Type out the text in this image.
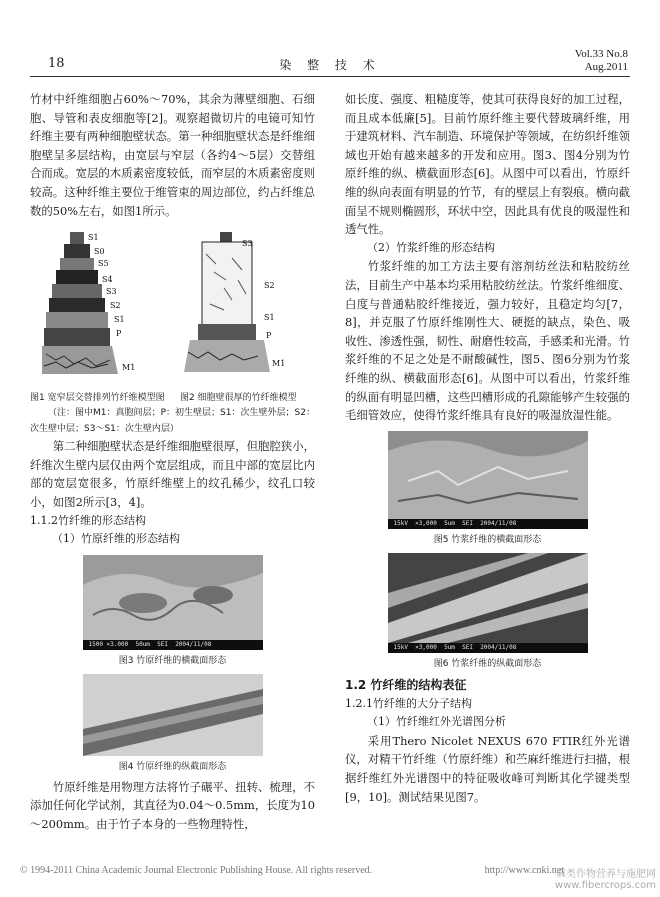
18	染 整 技 术
Vol.33 No.8
Aug.2011

竹材中纤维细胞占60%～70%，其余为薄壁细胞、石细胞、导管和表皮细胞等[2]。观察超微切片的电镜可知竹纤维主要有两种细胞壁状态。第一种细胞壁状态是纤维细胞壁呈多层结构，由宽层与窄层（各约4～5层）交替组合而成。宽层的木质素密度较低，而窄层的木质素密度则较高。这种纤维主要位于维管束的周边部位，约占纤维总数的50%左右，如图1所示。

S1
S0
S5
S4
S3
S2
S1
P
M1
S3
S2
S1
P
M1
图1 宽窄层交替排列竹纤维模型图 图2 细胞壁很厚的竹纤维模型

（注：图中M1：真胞间层；P：初生壁层；S1：次生壁外层；S2：次生壁中层；S3～S1：次生壁内层）

第二种细胞壁状态是纤维细胞壁很厚，但胞腔狭小，纤维次生壁内层仅由两个宽层组成，而且中部的宽层比内部的宽层宽很多，竹原纤维壁上的纹孔稀少，纹孔口较小，如图2所示[3，4]。

1.1.2竹纤维的形态结构

（1）竹原纤维的形态结构

1500 ×3.000  50um  SEI  2004/11/08

图3 竹原纤维的横截面形态

图4 竹原纤维的纵截面形态

竹原纤维是用物理方法将竹子碾平、扭转、梳理，不添加任何化学试剂，其直径为0.04～0.5mm，长度为10～200mm。由于竹子本身的一些物理特性，

如长度、强度、粗糙度等，使其可获得良好的加工过程，而且成本低廉[5]。目前竹原纤维主要代替玻璃纤维，用于建筑材料、汽车制造、环境保护等领域，在纺织纤维领域也开始有越来越多的开发和应用。图3、图4分别为竹原纤维的纵、横截面形态[6]。从图中可以看出，竹原纤维的纵向表面有明显的竹节，有的壁层上有裂痕。横向截面呈不规则椭圆形，环状中空，因此具有优良的吸湿性和透气性。

（2）竹浆纤维的形态结构

竹浆纤维的加工方法主要有溶剂纺丝法和粘胶纺丝法，目前生产中基本均采用粘胶纺丝法。竹浆纤维细度、白度与普通粘胶纤维接近，强力较好，且稳定均匀[7，8]，并克服了竹原纤维刚性大、硬挺的缺点，染色、吸收性、渗透性强，韧性、耐磨性较高，手感柔和光滑。竹浆纤维的不足之处是不耐酸碱性，图5、图6分别为竹浆纤维的纵、横截面形态[6]。从图中可以看出，竹浆纤维的纵面有明显凹槽，这些凹槽形成的孔隙能够产生较强的毛细管效应，使得竹浆纤维具有良好的吸湿放湿性能。

15kV  ×3,000  5um  SEI  2004/11/08

图5 竹浆纤维的横截面形态

15kV  ×3,000  5um  SEI  2004/11/08

图6 竹浆纤维的纵截面形态

1.2 竹纤维的结构表征

1.2.1竹纤维的大分子结构

（1）竹纤维红外光谱图分析

采用Thero Nicolet NEXUS 670 FTIR红外光谱仪，对精干竹纤维（竹原纤维）和苎麻纤维进行扫描，根据纤维红外光谱图中的特征吸收峰可判断其化学键类型[9，10]。测试结果见图7。

© 1994-2011 China Academic Journal Electronic Publishing House. All rights reserved.	http://www.cnki.net
麻类作物营养与施肥网
www.fibercrops.com
